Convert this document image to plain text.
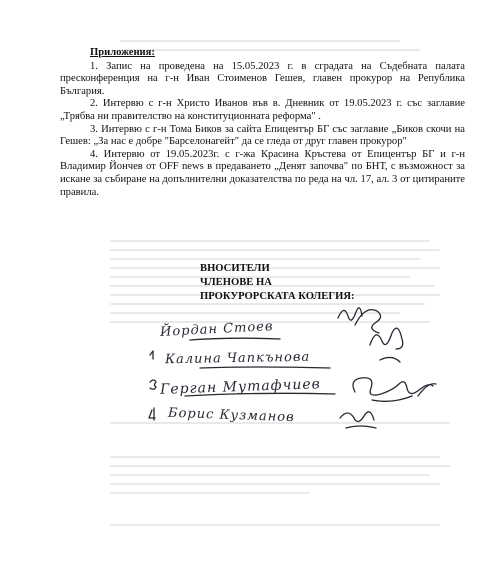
Приложения:

1. Запис на проведена на 15.05.2023 г. в сградата на Съдебната палата пресконференция на г-н Иван Стоименов Гешев, главен прокурор на Република България.

2. Интервю с г-н Христо Иванов във в. Дневник от 19.05.2023 г. със заглавие „Трябва ни правителство на конституционната реформа" .

3. Интервю с г-н Тома Биков за сайта Епицентър БГ със заглавие „Биков скочи на Гешев: „За нас е добре "Барселонагейт" да се гледа от друг главен прокурор"

4. Интервю от 19.05.2023г. с г-жа Красина Кръстева от Епицентър БГ и г-н Владимир Йончев от OFF news в предаването „Денят започва" по БНТ, с възможност за искане за събиране на допълнителни доказателства по реда на чл. 17, ал. 3 от цитираните правила.

ВНОСИТЕЛИ
ЧЛЕНОВЕ НА
ПРОКУРОРСКАТА КОЛЕГИЯ:
Йордан Стоев
Калина Чапкънова
Герган Мутафчиев
Борис Кузманов
